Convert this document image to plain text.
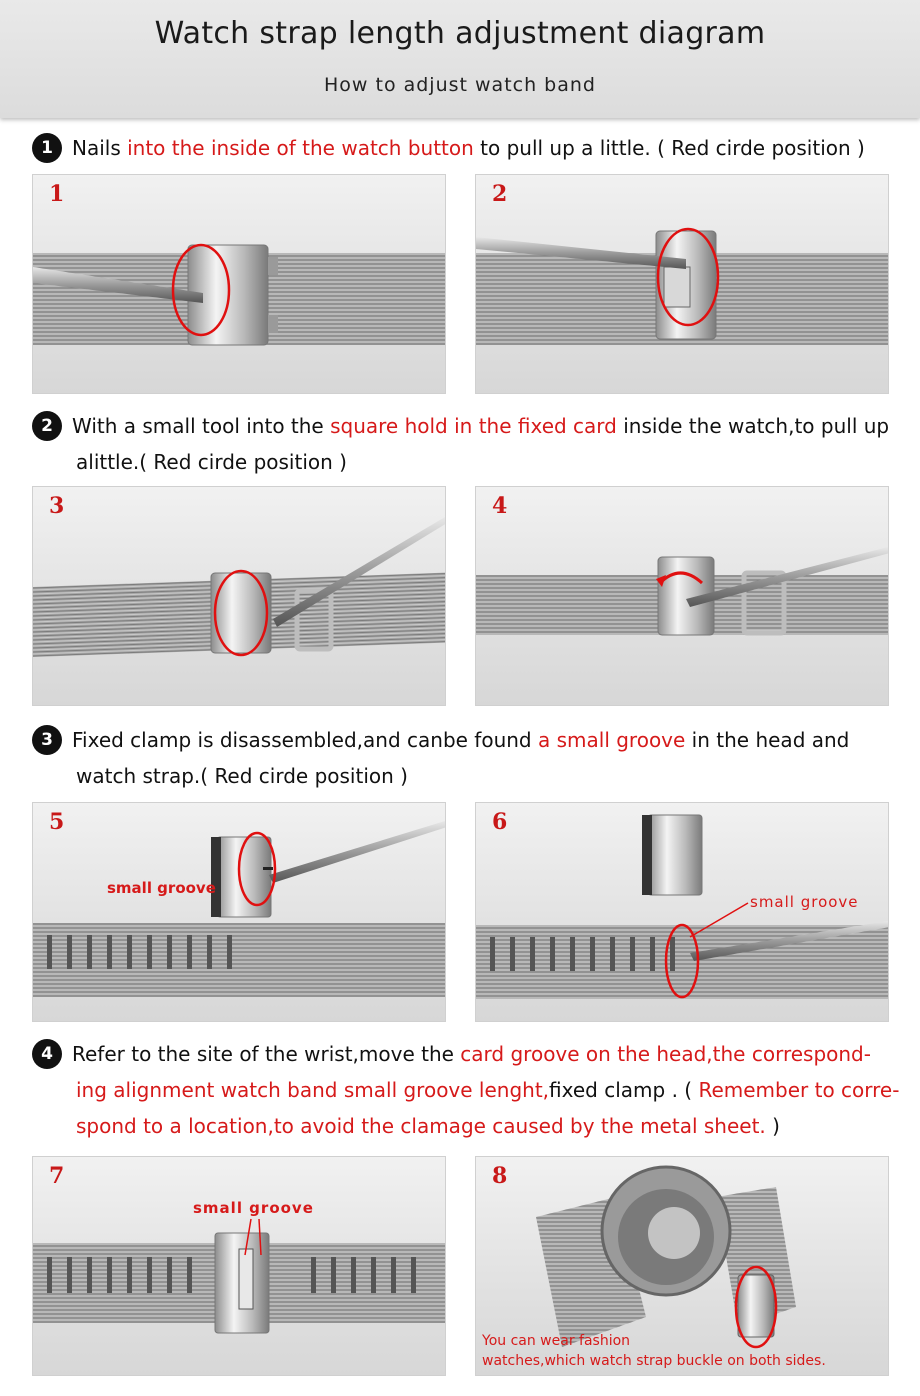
Watch strap length adjustment diagram
How to adjust watch band
1 Nails into the inside of the watch button to pull up a little. ( Red cirde position )
2 With a small tool into the square hold in the fixed card inside the watch,to pull up
alittle.( Red cirde position )
3 Fixed clamp is disassembled,and canbe found a small groove in the head and
watch strap.( Red cirde position )
4 Refer to the site of the wrist,move the card groove on the head,the correspond-
ing alignment watch band small groove lenght,fixed clamp . ( Remember to corre-
spond to a location,to avoid the clamage caused by the metal sheet. )
1	2
3	4
5
small groove
6
small groove
7
small groove
8
You can wear fashion
watches,which watch strap buckle on both sides.
